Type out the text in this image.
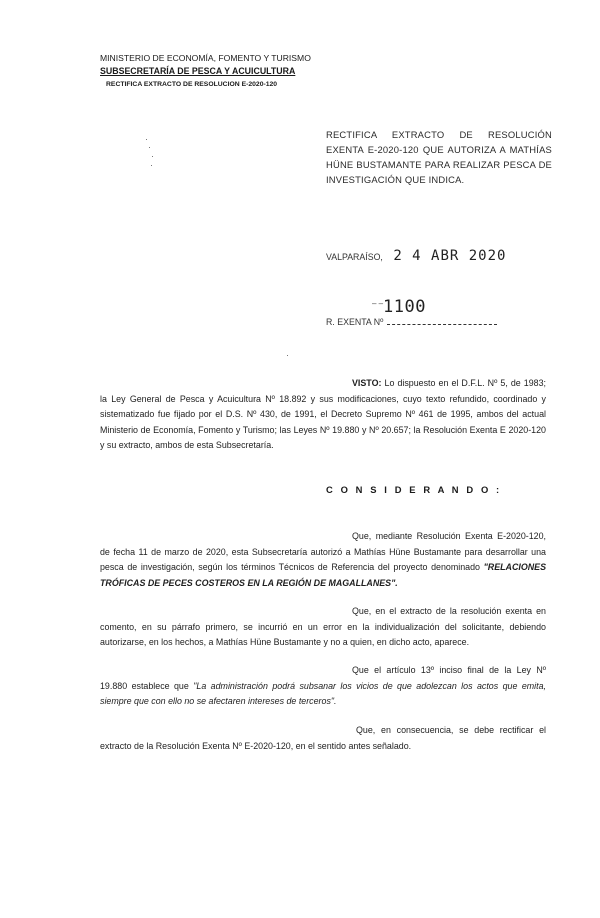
MINISTERIO DE ECONOMÍA, FOMENTO Y TURISMO
SUBSECRETARÍA DE PESCA Y ACUICULTURA
RECTIFICA EXTRACTO DE RESOLUCION E-2020-120
RECTIFICA EXTRACTO DE RESOLUCIÓN EXENTA E-2020-120 QUE AUTORIZA A MATHÍAS HÜNE BUSTAMANTE PARA REALIZAR PESCA DE INVESTIGACIÓN QUE INDICA.
VALPARAÍSO, 2 4 ABR 2020
– – 1100
R. EXENTA Nº
VISTO: Lo dispuesto en el D.F.L. Nº 5, de 1983; la Ley General de Pesca y Acuicultura Nº 18.892 y sus modificaciones, cuyo texto refundido, coordinado y sistematizado fue fijado por el D.S. Nº 430, de 1991, el Decreto Supremo Nº 461 de 1995, ambos del actual Ministerio de Economía, Fomento y Turismo; las Leyes Nº 19.880 y Nº 20.657; la Resolución Exenta E 2020-120 y su extracto, ambos de esta Subsecretaría.
C O N S I D E R A N D O :
Que, mediante Resolución Exenta E-2020-120, de fecha 11 de marzo de 2020, esta Subsecretaría autorizó a Mathías Hüne Bustamante para desarrollar una pesca de investigación, según los términos Técnicos de Referencia del proyecto denominado "RELACIONES TRÓFICAS DE PECES COSTEROS EN LA REGIÓN DE MAGALLANES".
Que, en el extracto de la resolución exenta en comento, en su párrafo primero, se incurrió en un error en la individualización del solicitante, debiendo autorizarse, en los hechos, a Mathías Hüne Bustamante y no a quien, en dicho acto, aparece.
Que el artículo 13º inciso final de la Ley Nº 19.880 establece que "La administración podrá subsanar los vicios de que adolezcan los actos que emita, siempre que con ello no se afectaren intereses de terceros".
Que, en consecuencia, se debe rectificar el extracto de la Resolución Exenta Nº E-2020-120, en el sentido antes señalado.
